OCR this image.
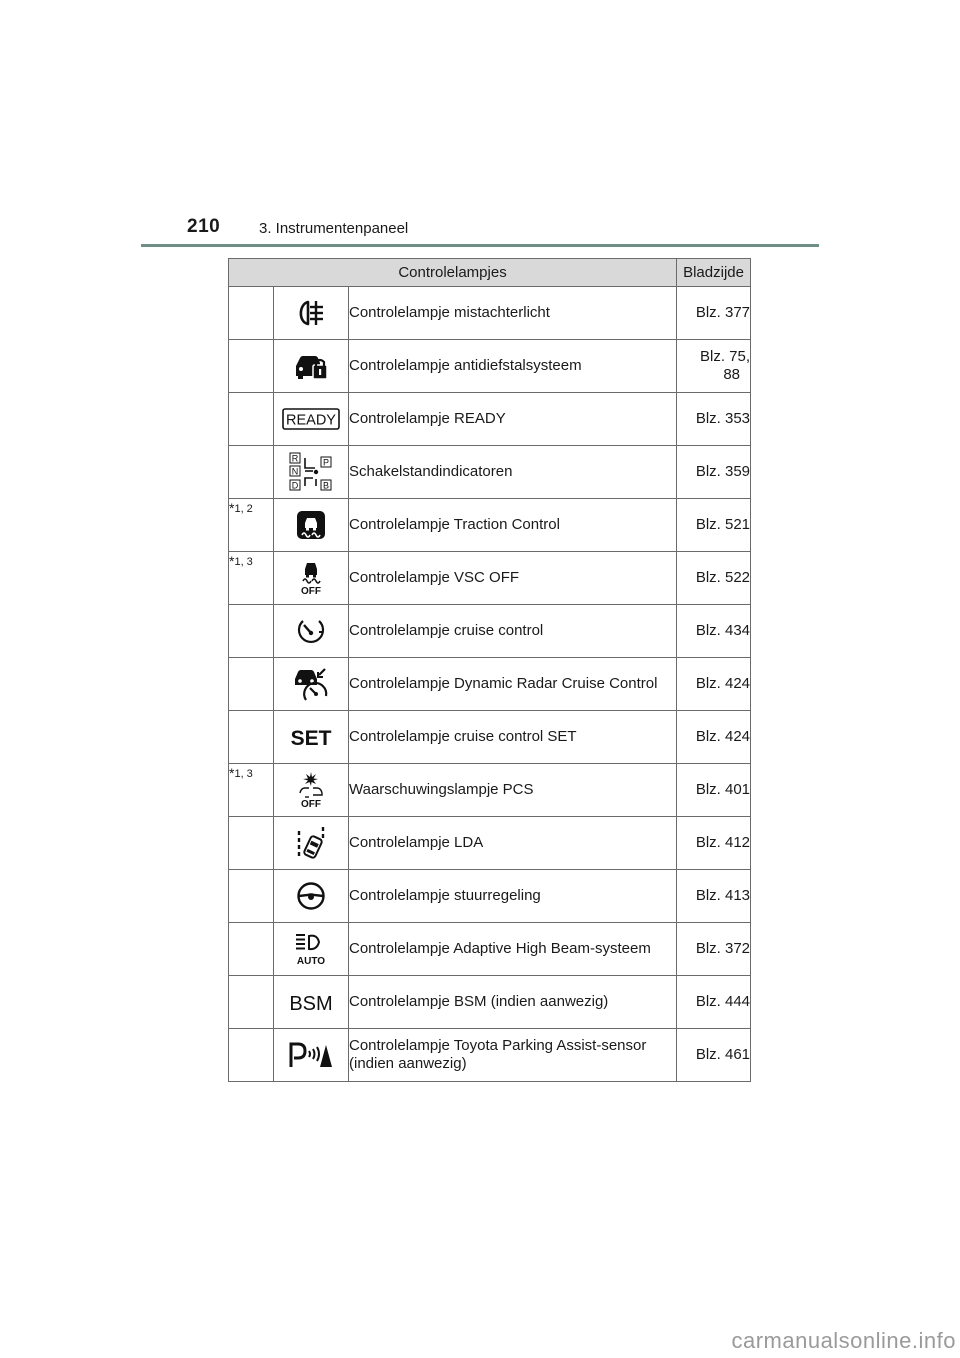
210	3. Instrumentenpaneel
Controlelampjes			Bladzijde
		Controlelampje mistachterlicht	Blz. 377
		Controlelampje antidiefstalsysteem	Blz. 75,
88

READY	Controlelampje READY	Blz. 353

R
N
D
P
B	Schakelstandindicatoren	Blz. 359
*1, 2		Controlelampje Traction Control	Blz. 521
*1, 3	OFF	Controlelampje VSC OFF	Blz. 522
		Controlelampje cruise control	Blz. 434
		Controlelampje Dynamic Radar Cruise Control	Blz. 424

SET	Controlelampje cruise control SET	Blz. 424
*1, 3	OFF	Waarschuwingslampje PCS	Blz. 401
		Controlelampje LDA	Blz. 412
		Controlelampje stuurregeling	Blz. 413

AUTO	Controlelampje Adaptive High Beam-systeem	Blz. 372

BSM	Controlelampje BSM (indien aanwezig)	Blz. 444

Controlelampje Toyota Parking Assist-sensor
(indien aanwezig)	Blz. 461
carmanualsonline.info
